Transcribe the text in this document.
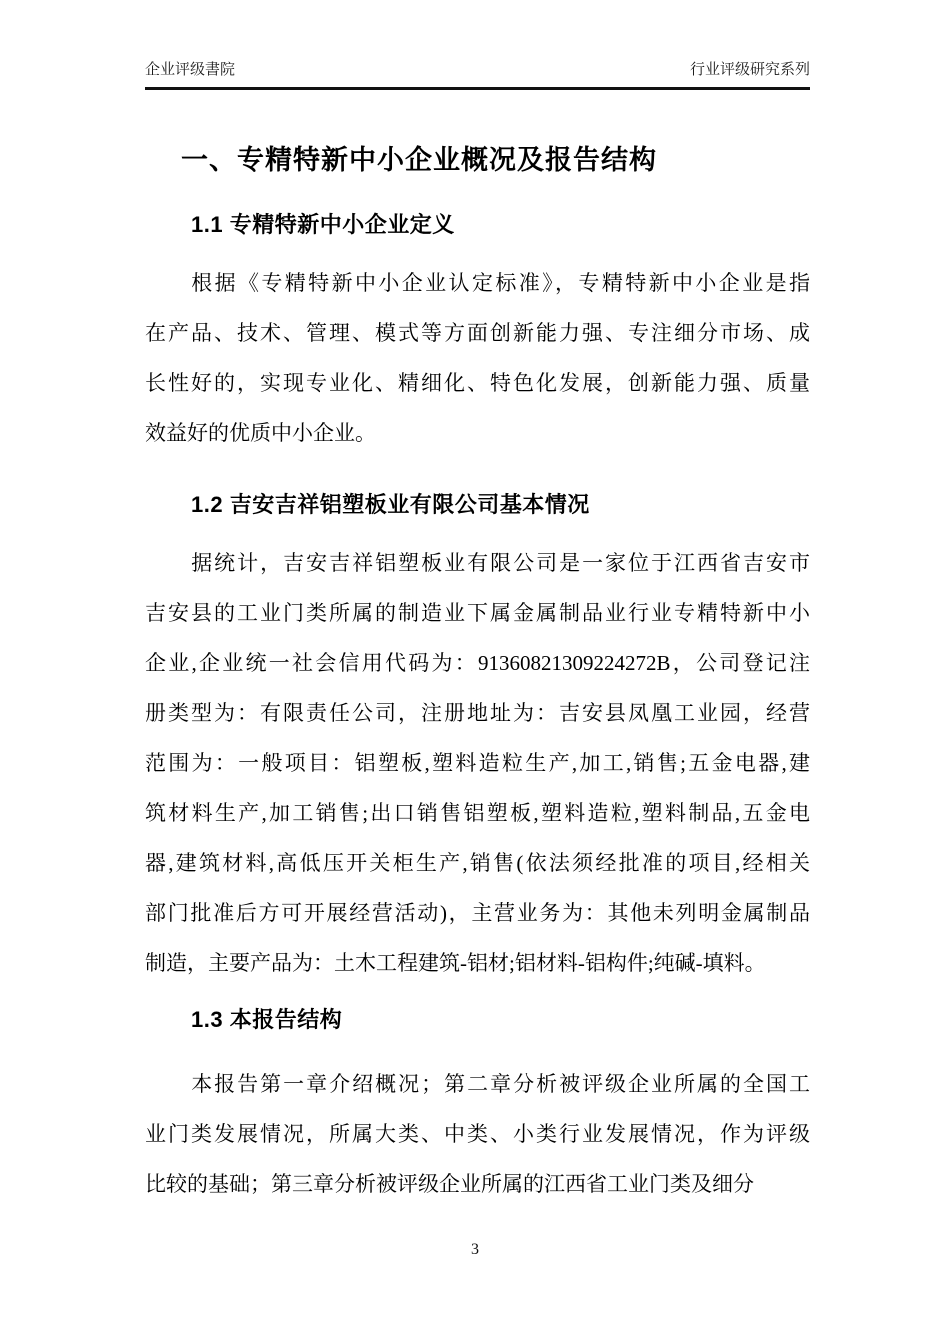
企业评级書院	行业评级研究系列
一、专精特新中小企业概况及报告结构
1.1 专精特新中小企业定义
根据《专精特新中小企业认定标准》，专精特新中小企业是指
在产品、技术、管理、模式等方面创新能力强、专注细分市场、成
长性好的，实现专业化、精细化、特色化发展，创新能力强、质量
效益好的优质中小企业。
1.2 吉安吉祥铝塑板业有限公司基本情况
据统计，吉安吉祥铝塑板业有限公司是一家位于江西省吉安市
吉安县的工业门类所属的制造业下属金属制品业行业专精特新中小
企业,企业统一社会信用代码为：91360821309224272B，公司登记注
册类型为：有限责任公司，注册地址为：吉安县凤凰工业园，经营
范围为：一般项目：铝塑板,塑料造粒生产,加工,销售;五金电器,建
筑材料生产,加工销售;出口销售铝塑板,塑料造粒,塑料制品,五金电
器,建筑材料,高低压开关柜生产,销售(依法须经批准的项目,经相关
部门批准后方可开展经营活动)，主营业务为：其他未列明金属制品
制造，主要产品为：土木工程建筑-铝材;铝材料-铝构件;纯碱-填料。
1.3 本报告结构
本报告第一章介绍概况；第二章分析被评级企业所属的全国工
业门类发展情况，所属大类、中类、小类行业发展情况，作为评级
比较的基础；第三章分析被评级企业所属的江西省工业门类及细分
3
